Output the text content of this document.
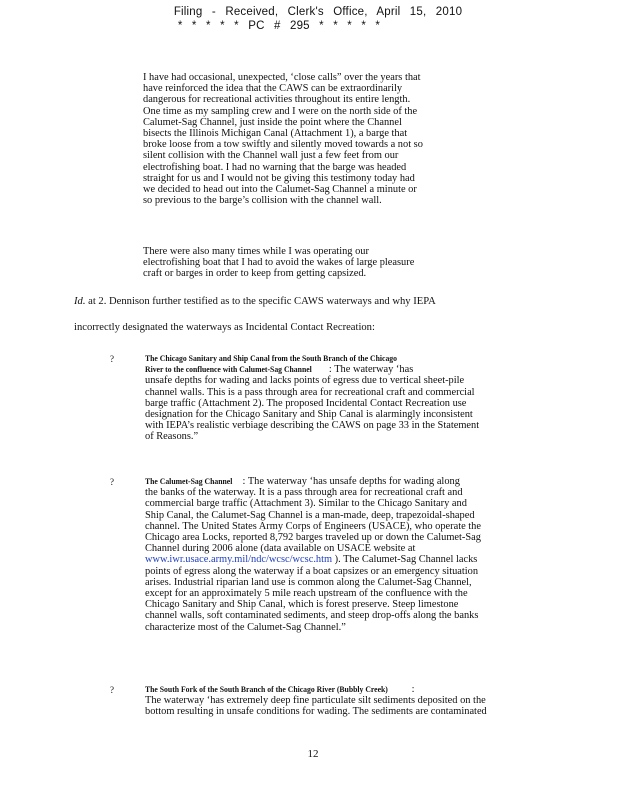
Filing - Received, Clerk's Office, April 15, 2010
* * * * * PC # 295 * * * * *
I have had occasional, unexpected, ‘close calls” over the years that
have reinforced the idea that the CAWS can be extraordinarily
dangerous for recreational activities throughout its entire length.
One time as my sampling crew and I were on the north side of the
Calumet-Sag Channel, just inside the point where the Channel
bisects the Illinois Michigan Canal (Attachment 1), a barge that
broke loose from a tow swiftly and silently moved towards a not so
silent collision with the Channel wall just a few feet from our
electrofishing boat. I had no warning that the barge was headed
straight for us and I would not be giving this testimony today had
we decided to head out into the Calumet-Sag Channel a minute or
so previous to the barge’s collision with the channel wall.
There were also many times while I was operating our
electrofishing boat that I had to avoid the wakes of large pleasure
craft or barges in order to keep from getting capsized.
Id. at 2. Dennison further testified as to the specific CAWS waterways and why IEPA
incorrectly designated the waterways as Incidental Contact Recreation:
?	The Chicago Sanitary and Ship Canal from the South Branch of the Chicago
River to the confluence with Calumet-Sag Channel : The waterway ‘has
unsafe depths for wading and lacks points of egress due to vertical sheet-pile
channel walls. This is a pass through area for recreational craft and commercial
barge traffic (Attachment 2). The proposed Incidental Contact Recreation use
designation for the Chicago Sanitary and Ship Canal is alarmingly inconsistent
with IEPA’s realistic verbiage describing the CAWS on page 33 in the Statement
of Reasons.”
?	The Calumet-Sag Channel : The waterway ‘has unsafe depths for wading along
the banks of the waterway. It is a pass through area for recreational craft and
commercial barge traffic (Attachment 3). Similar to the Chicago Sanitary and
Ship Canal, the Calumet-Sag Channel is a man-made, deep, trapezoidal-shaped
channel. The United States Army Corps of Engineers (USACE), who operate the
Chicago area Locks, reported 8,792 barges traveled up or down the Calumet-Sag
Channel during 2006 alone (data available on USACE website at
www.iwr.usace.army.mil/ndc/wcsc/wcsc.htm ). The Calumet-Sag Channel lacks
points of egress along the waterway if a boat capsizes or an emergency situation
arises. Industrial riparian land use is common along the Calumet-Sag Channel,
except for an approximately 5 mile reach upstream of the confluence with the
Chicago Sanitary and Ship Canal, which is forest preserve. Steep limestone
channel walls, soft contaminated sediments, and steep drop-offs along the banks
characterize most of the Calumet-Sag Channel.”
?	The South Fork of the South Branch of the Chicago River (Bubbly Creek) :
The waterway ‘has extremely deep fine particulate silt sediments deposited on the
bottom resulting in unsafe conditions for wading. The sediments are contaminated
12
